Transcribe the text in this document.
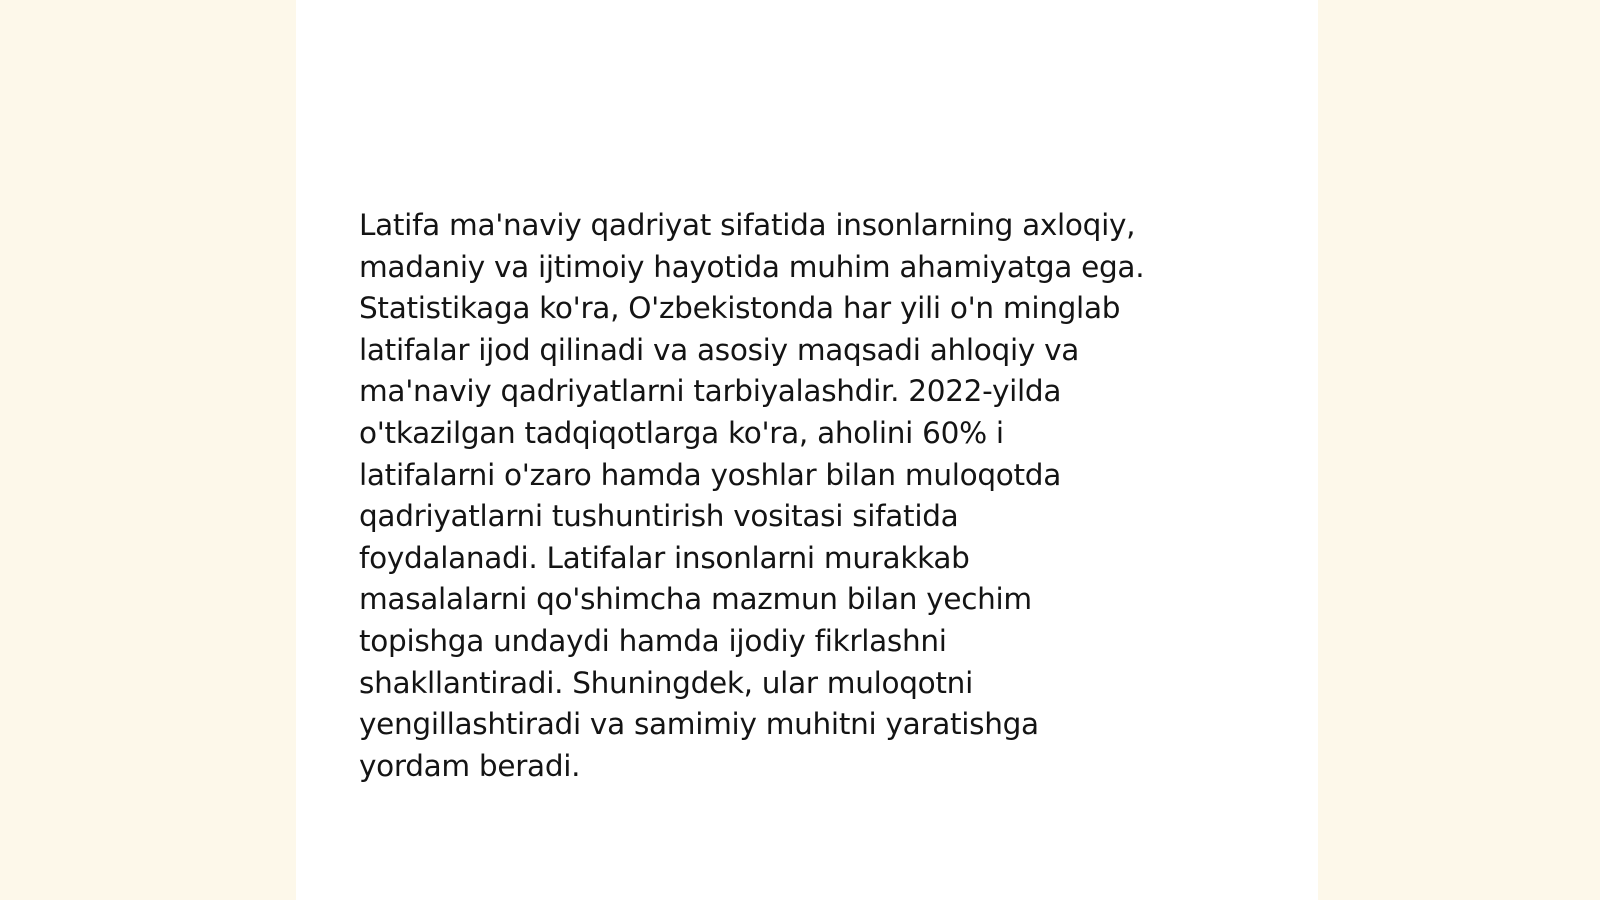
Latifa ma'naviy qadriyat sifatida insonlarning axloqiy,
madaniy va ijtimoiy hayotida muhim ahamiyatga ega.
Statistikaga ko'ra, O'zbekistonda har yili o'n minglab
latifalar ijod qilinadi va asosiy maqsadi ahloqiy va
ma'naviy qadriyatlarni tarbiyalashdir. 2022-yilda
o'tkazilgan tadqiqotlarga ko'ra, aholini 60% i
latifalarni o'zaro hamda yoshlar bilan muloqotda
qadriyatlarni tushuntirish vositasi sifatida
foydalanadi. Latifalar insonlarni murakkab
masalalarni qo'shimcha mazmun bilan yechim
topishga undaydi hamda ijodiy fikrlashni
shakllantiradi. Shuningdek, ular muloqotni
yengillashtiradi va samimiy muhitni yaratishga
yordam beradi.
